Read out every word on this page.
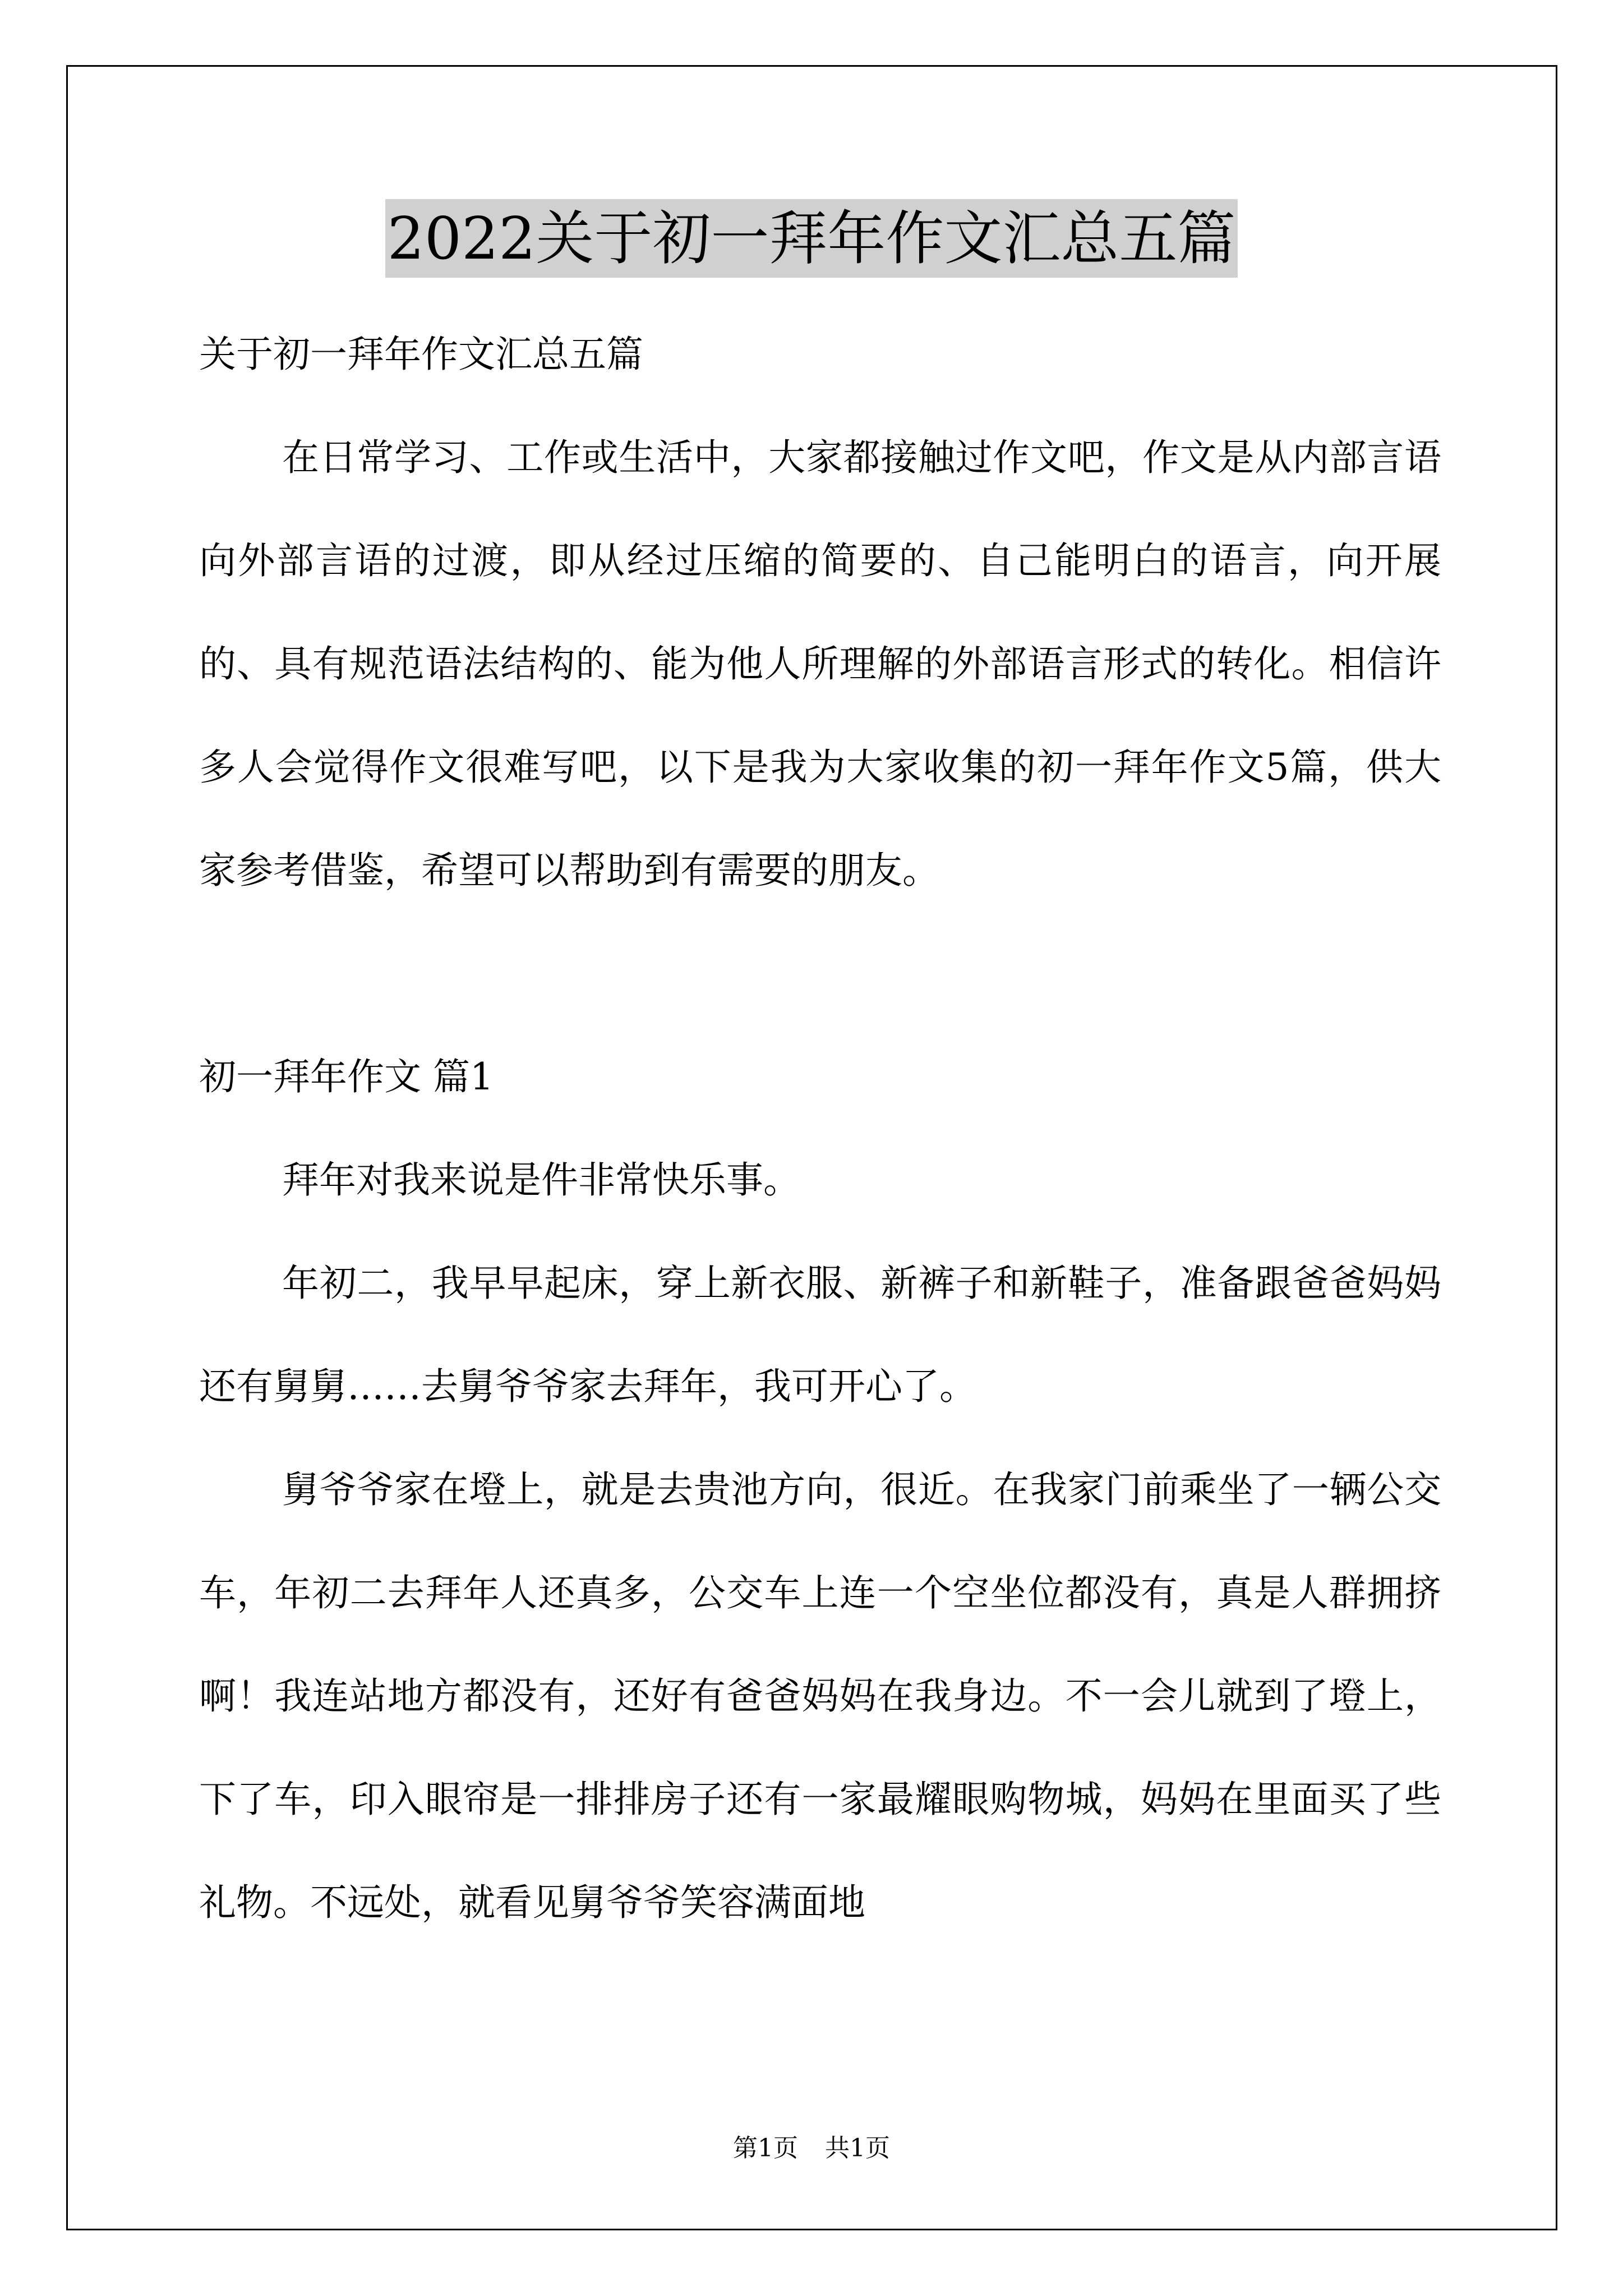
2022关于初一拜年作文汇总五篇

关于初一拜年作文汇总五篇

在日常学习、工作或生活中，大家都接触过作文吧，作文是从内部言语向外部言语的过渡，即从经过压缩的简要的、自己能明白的语言，向开展的、具有规范语法结构的、能为他人所理解的外部语言形式的转化。相信许多人会觉得作文很难写吧，以下是我为大家收集的初一拜年作文5篇，供大家参考借鉴，希望可以帮助到有需要的朋友。

初一拜年作文 篇1

拜年对我来说是件非常快乐事。

年初二，我早早起床，穿上新衣服、新裤子和新鞋子，准备跟爸爸妈妈还有舅舅……去舅爷爷家去拜年，我可开心了。

舅爷爷家在墱上，就是去贵池方向，很近。在我家门前乘坐了一辆公交车，年初二去拜年人还真多，公交车上连一个空坐位都没有，真是人群拥挤啊！我连站地方都没有，还好有爸爸妈妈在我身边。不一会儿就到了墱上，下了车，印入眼帘是一排排房子还有一家最耀眼购物城，妈妈在里面买了些礼物。不远处，就看见舅爷爷笑容满面地

第1页 共1页
